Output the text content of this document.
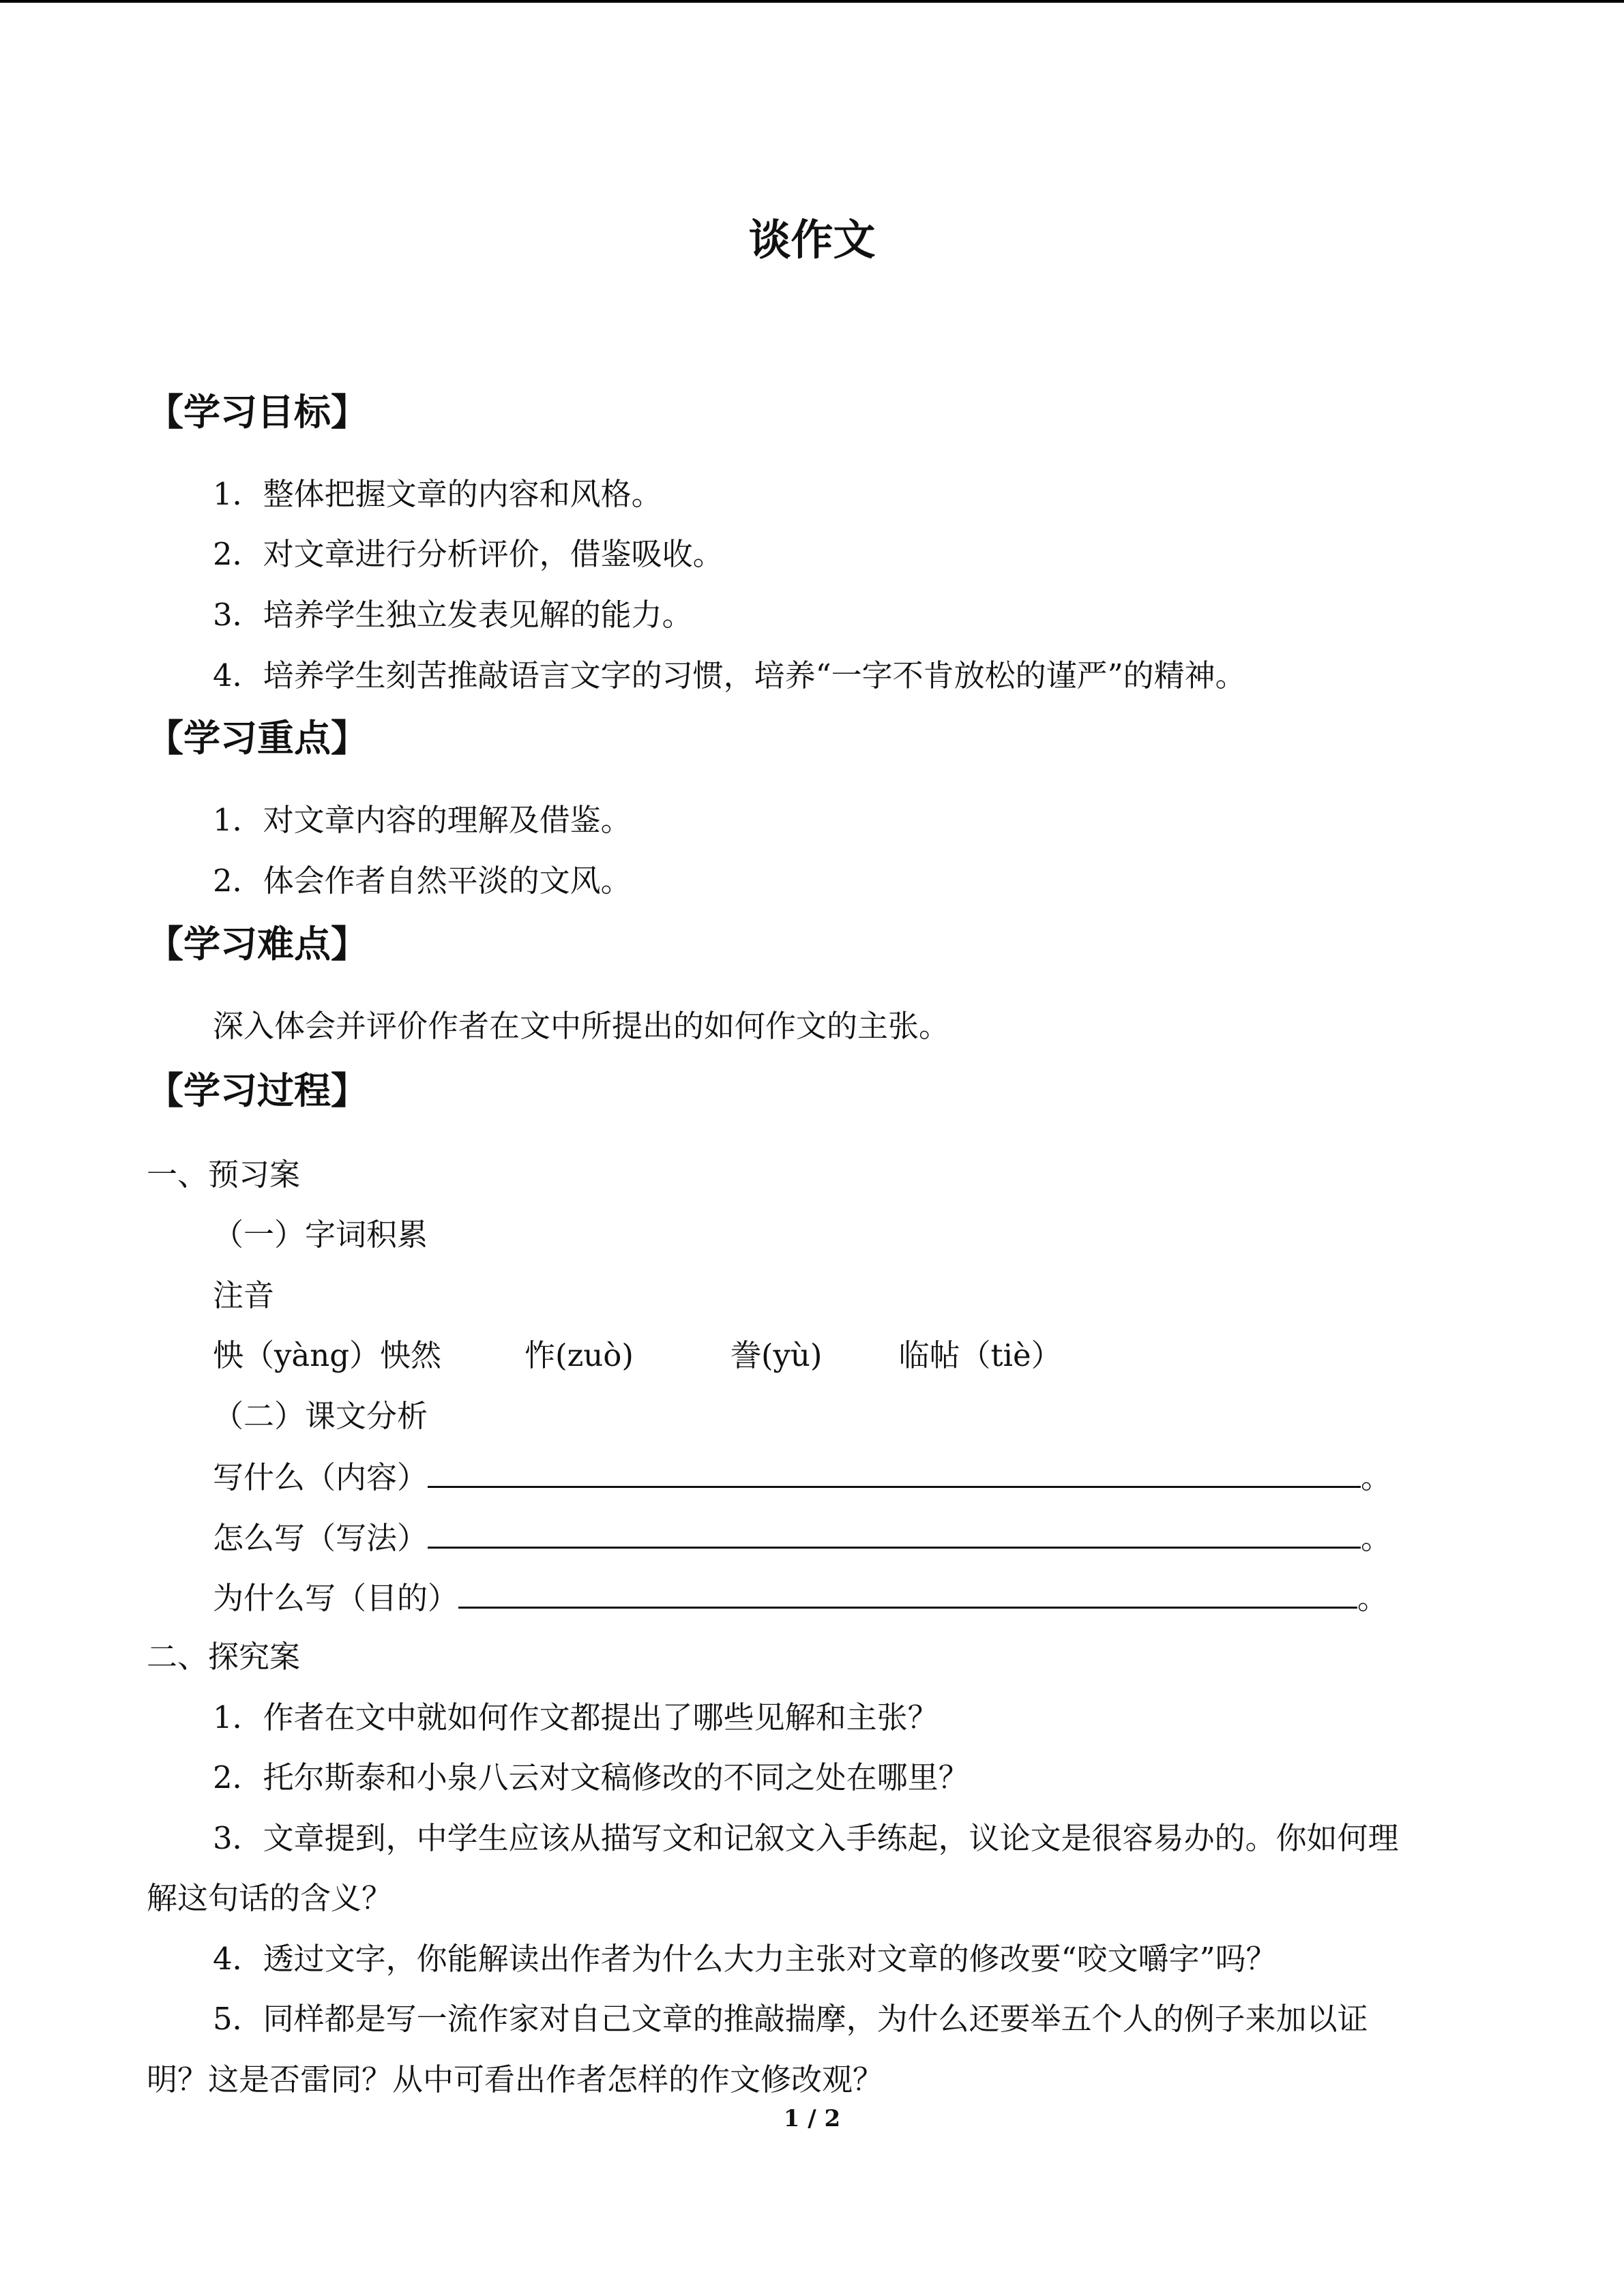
谈作文
【学习目标】
1．整体把握文章的内容和风格。
2．对文章进行分析评价，借鉴吸收。
3．培养学生独立发表见解的能力。
4．培养学生刻苦推敲语言文字的习惯，培养“一字不肯放松的谨严”的精神。
【学习重点】
1．对文章内容的理解及借鉴。
2．体会作者自然平淡的文风。
【学习难点】
深入体会并评价作者在文中所提出的如何作文的主张。
【学习过程】
一、预习案
（一）字词积累
注音
怏（yàng）怏然	怍(zuò)	誊(yù) 临帖（tiè）
（二）课文分析
写什么（内容）	。
怎么写（写法）	。
为什么写（目的）	。
二、探究案
1．作者在文中就如何作文都提出了哪些见解和主张？
2．托尔斯泰和小泉八云对文稿修改的不同之处在哪里？
3．文章提到，中学生应该从描写文和记叙文入手练起，议论文是很容易办的。你如何理
解这句话的含义？
4．透过文字，你能解读出作者为什么大力主张对文章的修改要“咬文嚼字”吗？
5．同样都是写一流作家对自己文章的推敲揣摩，为什么还要举五个人的例子来加以证
明？这是否雷同？从中可看出作者怎样的作文修改观？
1 / 2
